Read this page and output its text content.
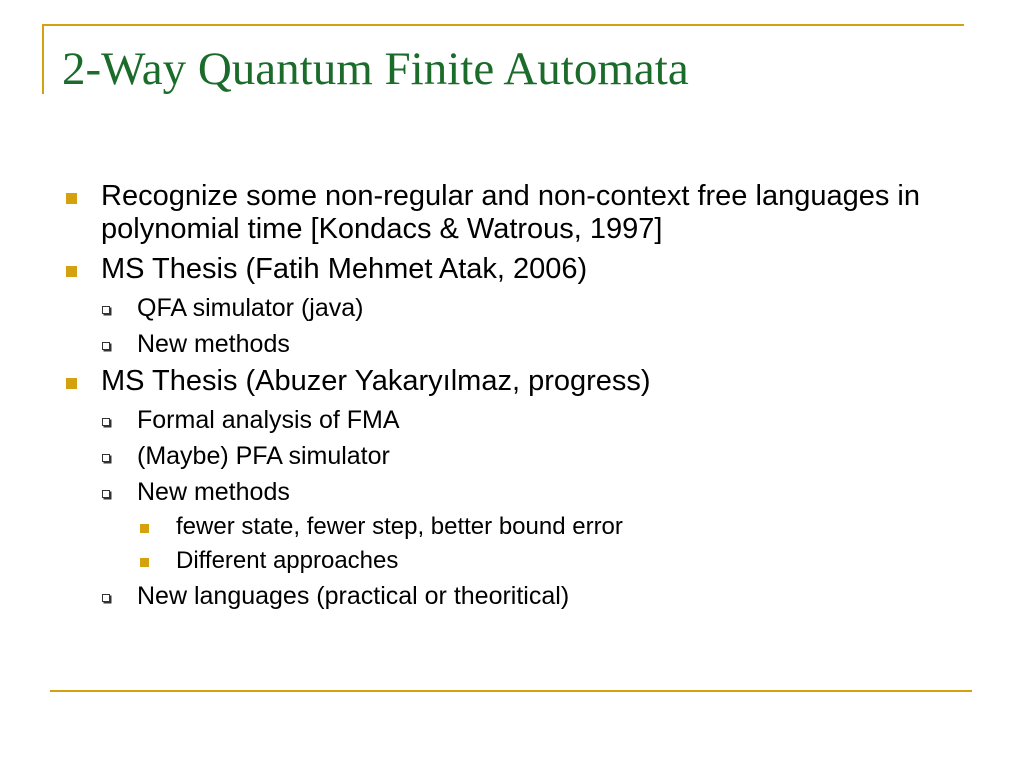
2-Way Quantum Finite Automata
Recognize some non-regular and non-context free languages in polynomial time [Kondacs & Watrous, 1997]
MS Thesis (Fatih Mehmet Atak, 2006)
QFA simulator (java)
New methods
MS Thesis (Abuzer Yakaryılmaz, progress)
Formal analysis of FMA
(Maybe) PFA simulator
New methods
fewer state, fewer step, better bound error
Different approaches
New languages (practical or theoritical)
